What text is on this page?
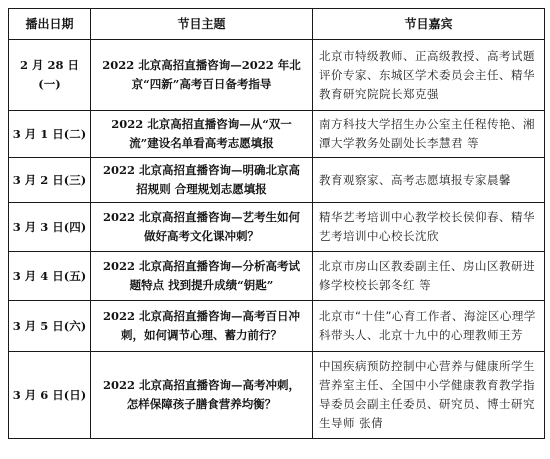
播出日期	节目主题	节目嘉宾
2 月 28 日(一)	2022 北京高招直播咨询—2022 年北京“四新”高考百日备考指导	北京市特级教师、正高级教授、高考试题评价专家、东城区学术委员会主任、精华教育研究院院长郑克强
3 月 1 日(二)	2022 北京高招直播咨询—从“双一流”建设名单看高考志愿填报	南方科技大学招生办公室主任程传艳、湘潭大学教务处副处长李慧君 等
3 月 2 日(三)	2022 北京高招直播咨询—明确北京高招规则 合理规划志愿填报	教育观察家、高考志愿填报专家晨馨
3 月 3 日(四)	2022 北京高招直播咨询—艺考生如何做好高考文化课冲刺？	精华艺考培训中心教学校长侯仰春、精华艺考培训中心校长沈欣
3 月 4 日(五)	2022 北京高招直播咨询—分析高考试题特点 找到提升成绩“钥匙”	北京市房山区教委副主任、房山区教研进修学校校长郭冬红 等
3 月 5 日(六)	2022 北京高招直播咨询—高考百日冲刺，如何调节心理、蓄力前行？	北京市“十佳”心育工作者、海淀区心理学科带头人、北京十九中的心理教师王芳
3 月 6 日(日)	2022 北京高招直播咨询—高考冲刺，怎样保障孩子膳食营养均衡？	中国疾病预防控制中心营养与健康所学生营养室主任、全国中小学健康教育教学指导委员会副主任委员、研究员、博士研究生导师 张倩
